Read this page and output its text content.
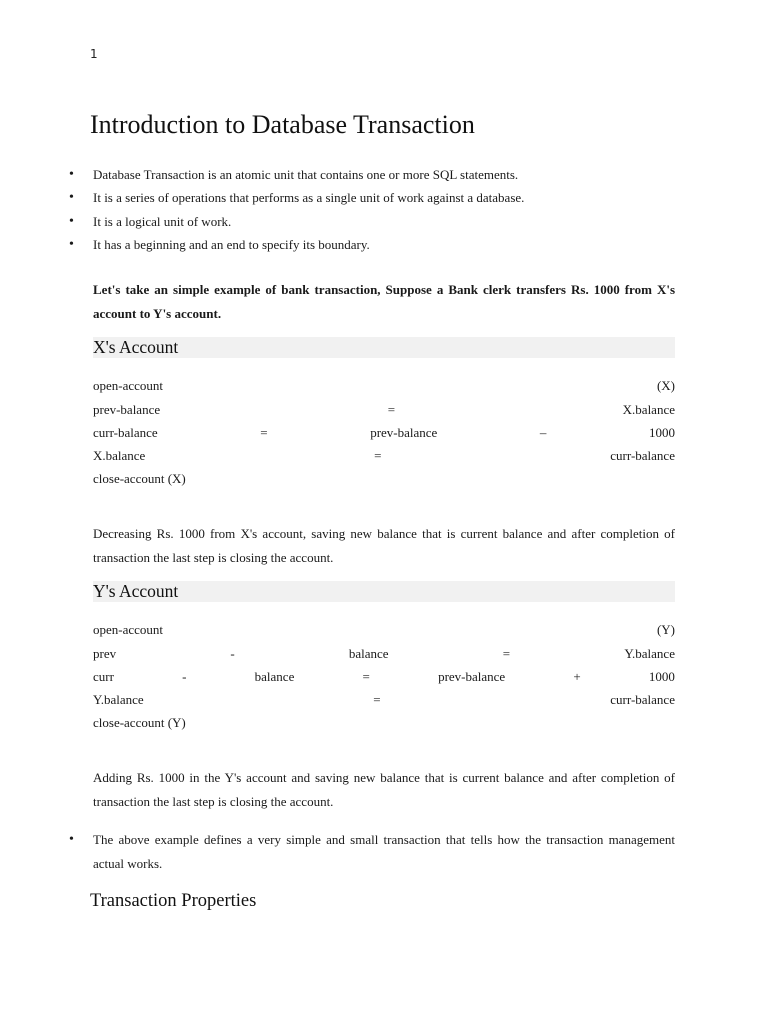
1
Introduction to Database Transaction
• Database Transaction is an atomic unit that contains one or more SQL statements.
• It is a series of operations that performs as a single unit of work against a database.
• It is a logical unit of work.
• It has a beginning and an end to specify its boundary.

Let's take an simple example of bank transaction, Suppose a Bank clerk transfers Rs. 1000 from X's account to Y's account.

X's Account
open-account	(X)
prev-balance	=	X.balance
curr-balance	=	prev-balance	–	1000
X.balance	=	curr-balance
close-account (X)

Decreasing Rs. 1000 from X's account, saving new balance that is current balance and after completion of transaction the last step is closing the account.

Y's Account
open-account	(Y)
prev	-	balance	=	Y.balance
curr	-	balance	=	prev-balance	+	1000
Y.balance	=	curr-balance
close-account (Y)

Adding Rs. 1000 in the Y's account and saving new balance that is current balance and after completion of transaction the last step is closing the account.

• The above example defines a very simple and small transaction that tells how the transaction management actual works.

Transaction Properties
